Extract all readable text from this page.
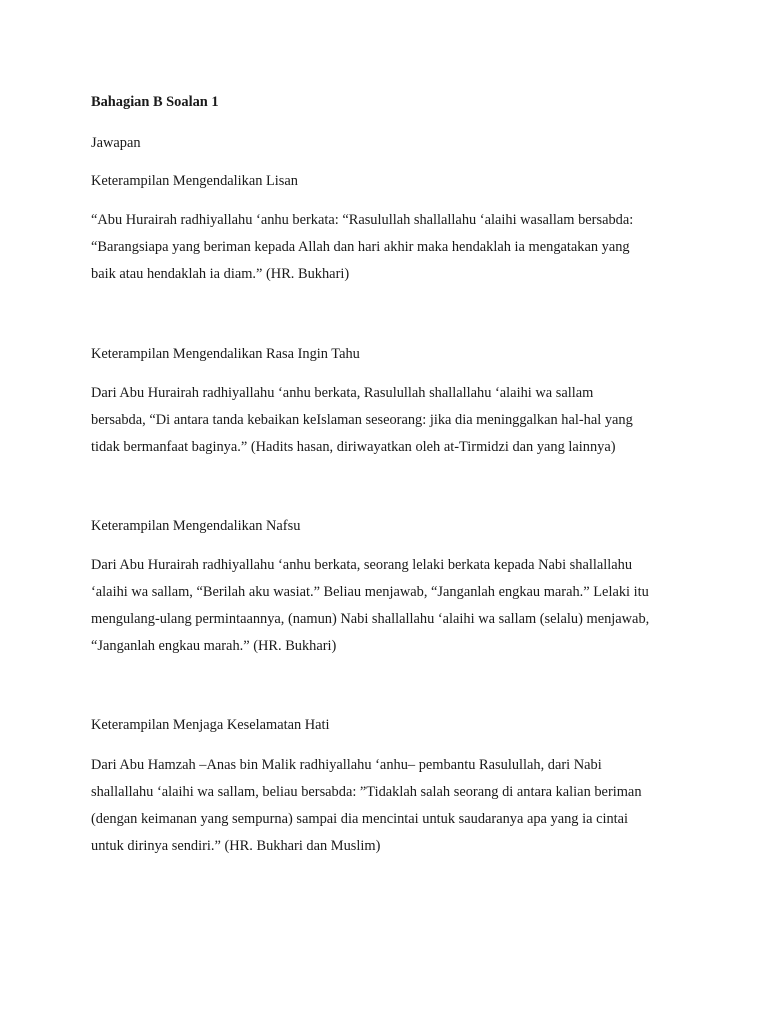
Bahagian B Soalan 1
Jawapan
Keterampilan Mengendalikan Lisan
“Abu Hurairah radhiyallahu ‘anhu berkata: “Rasulullah shallallahu ‘alaihi wasallam bersabda:
“Barangsiapa yang beriman kepada Allah dan hari akhir maka hendaklah ia mengatakan yang
baik atau hendaklah ia diam.” (HR. Bukhari)
Keterampilan Mengendalikan Rasa Ingin Tahu
Dari Abu Hurairah radhiyallahu ‘anhu berkata, Rasulullah shallallahu ‘alaihi wa sallam
bersabda, “Di antara tanda kebaikan keIslaman seseorang: jika dia meninggalkan hal-hal yang
tidak bermanfaat baginya.” (Hadits hasan, diriwayatkan oleh at-Tirmidzi dan yang lainnya)
Keterampilan Mengendalikan Nafsu
Dari Abu Hurairah radhiyallahu ‘anhu berkata, seorang lelaki berkata kepada Nabi shallallahu
‘alaihi wa sallam, “Berilah aku wasiat.” Beliau menjawab, “Janganlah engkau marah.” Lelaki itu
mengulang-ulang permintaannya, (namun) Nabi shallallahu ‘alaihi wa sallam (selalu) menjawab,
“Janganlah engkau marah.” (HR. Bukhari)
Keterampilan Menjaga Keselamatan Hati
Dari Abu Hamzah –Anas bin Malik radhiyallahu ‘anhu– pembantu Rasulullah, dari Nabi
shallallahu ‘alaihi wa sallam, beliau bersabda: ”Tidaklah salah seorang di antara kalian beriman
(dengan keimanan yang sempurna) sampai dia mencintai untuk saudaranya apa yang ia cintai
untuk dirinya sendiri.” (HR. Bukhari dan Muslim)
